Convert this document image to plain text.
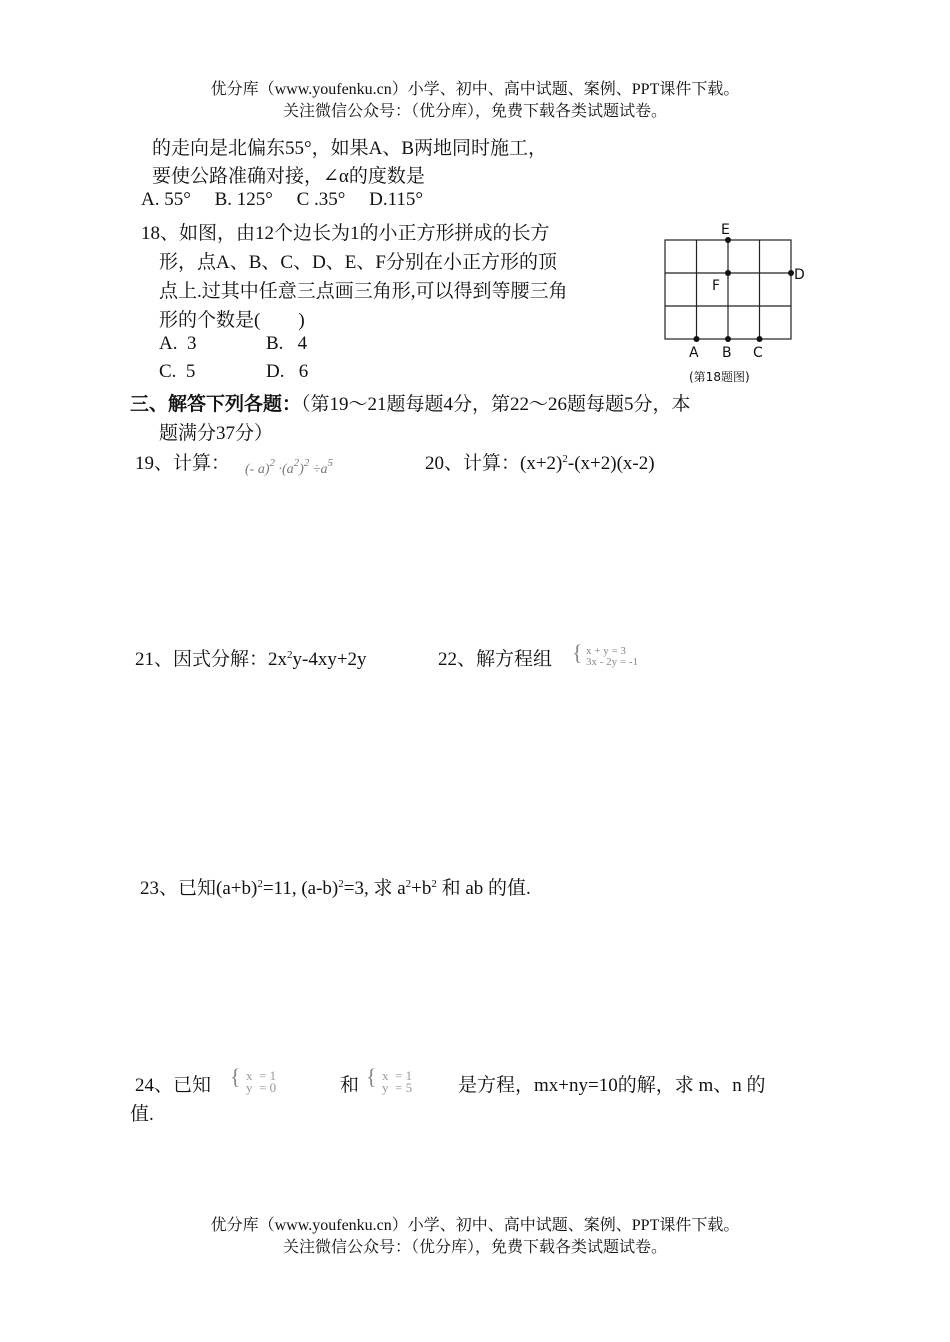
优分库（www.youfenku.cn）小学、初中、高中试题、案例、PPT课件下载。
关注微信公众号：（优分库），免费下载各类试题试卷。
的走向是北偏东55°，如果A、B两地同时施工，
要使公路准确对接，∠α的度数是
A. 55°     B. 125°     C .35°     D.115°
18、如图，由12个边长为1的小正方形拼成的长方
形，点A、B、C、D、E、F分别在小正方形的顶
点上.过其中任意三点画三角形,可以得到等腰三角
形的个数是(        )
A.  3	B.   4
C.  5	D.   6
E
F
D
A B C
(第18题图)
三、解答下列各题：（第19～21题每题4分，第22～26题每题5分，本
题满分37分）
19、计算： (- $a)^2 \cdot(a^2)^2 \div a^5$	20、计算：$(x+2)^2-(x+2)(x-2)$
21、因式分解：$2x^2y-4xy+2y$	22、解方程组 { x + y = 3
3x - 2y = -1
23、已知$(a+b)^2=11$, $(a-b)^2=3$, 求 $a^2+b^2$ 和 ab 的值.
24、已知 { x  = 1
y  = 0	和 { x  = 1
y  = 5 是方程，mx+ny=10的解，求 m、n 的
值.
优分库（www.youfenku.cn）小学、初中、高中试题、案例、PPT课件下载。
关注微信公众号：（优分库），免费下载各类试题试卷。
